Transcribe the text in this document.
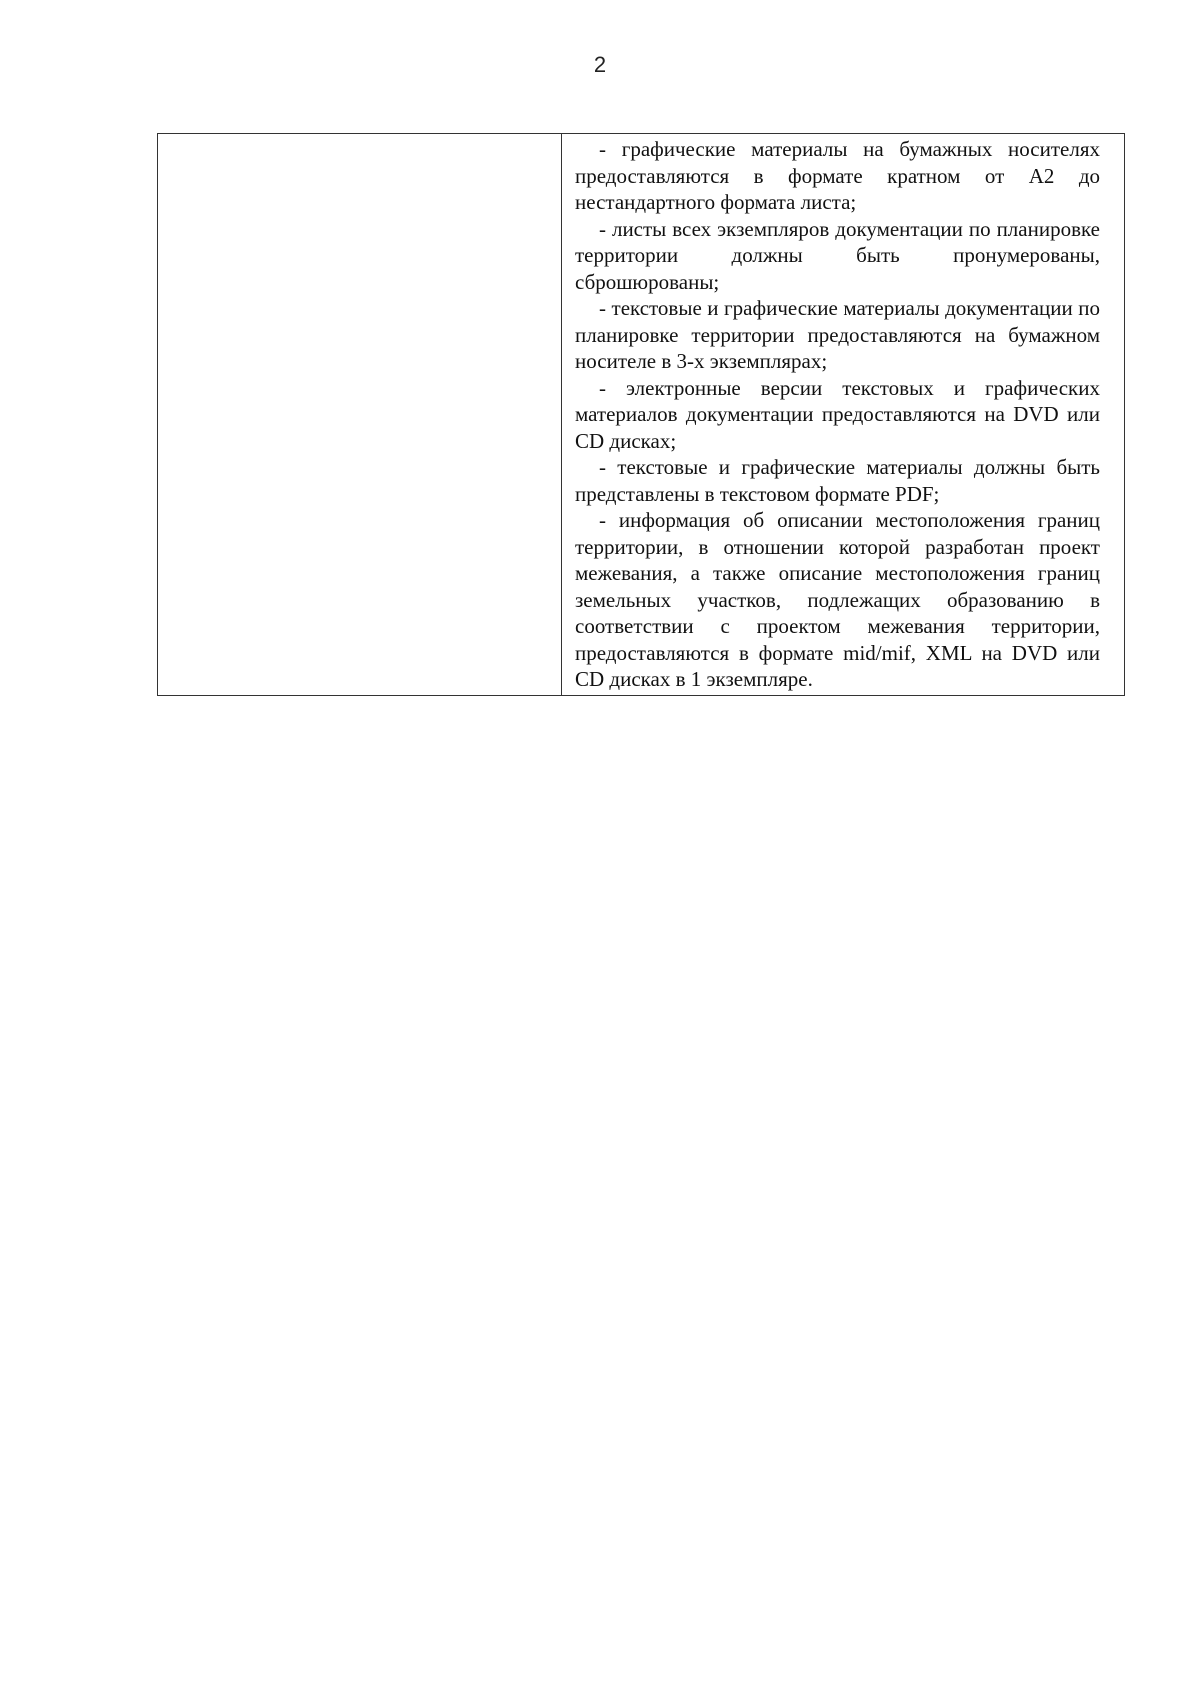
2

- графические материалы на бумажных носителях предоставляются в формате кратном от А2 до нестандартного формата листа;

- листы всех экземпляров документации по планировке территории должны быть пронумерованы, сброшюрованы;

- текстовые и графические материалы документации по планировке территории предоставляются на бумажном носителе в 3-х экземплярах;

- электронные версии текстовых и графических материалов документации предоставляются на DVD или CD дисках;

- текстовые и графические материалы должны быть представлены в текстовом формате PDF;

- информация об описании местоположения границ территории, в отношении которой разработан проект межевания, а также описание местоположения границ земельных участков, подлежащих образованию в соответствии с проектом межевания территории, предоставляются в формате mid/mif, XML на DVD или CD дисках в 1 экземпляре.
